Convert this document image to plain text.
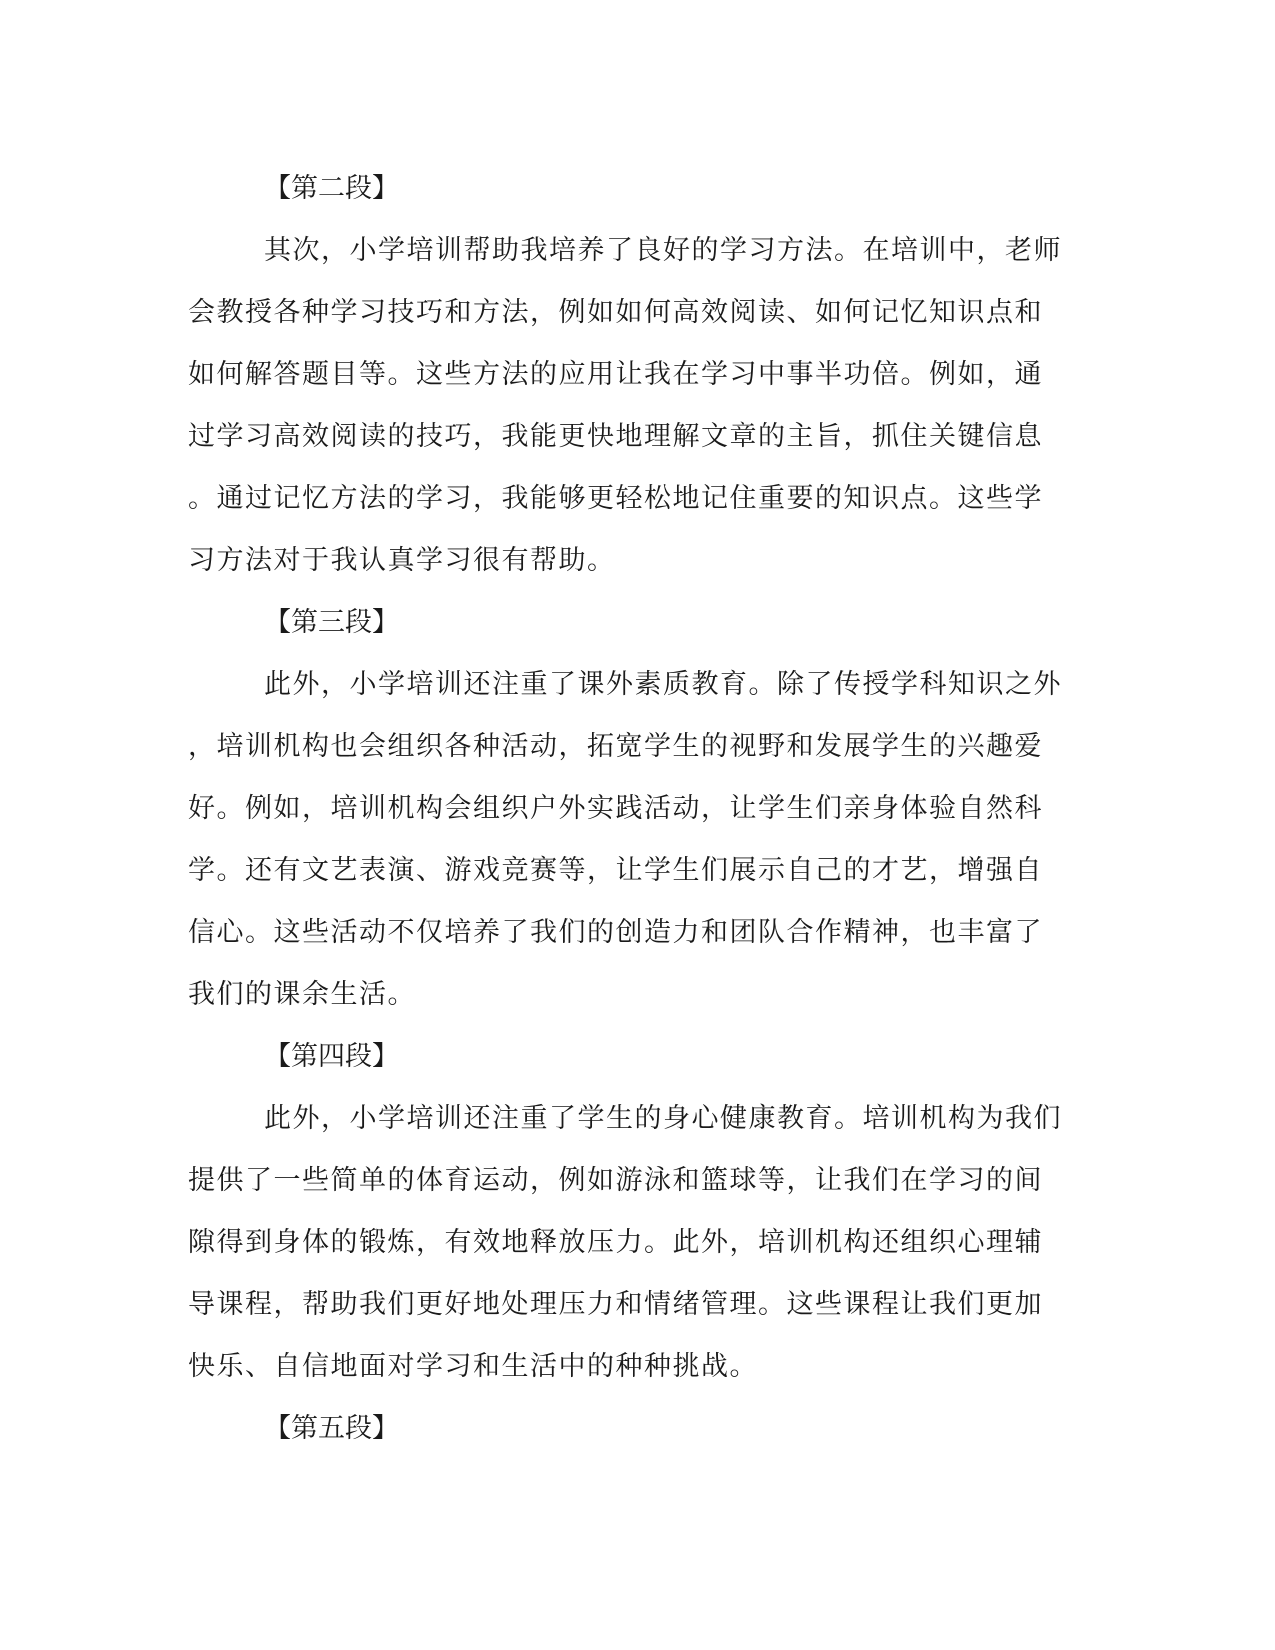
【第二段】
其次，小学培训帮助我培养了良好的学习方法。在培训中，老师
会教授各种学习技巧和方法，例如如何高效阅读、如何记忆知识点和
如何解答题目等。这些方法的应用让我在学习中事半功倍。例如，通
过学习高效阅读的技巧，我能更快地理解文章的主旨，抓住关键信息
。通过记忆方法的学习，我能够更轻松地记住重要的知识点。这些学
习方法对于我认真学习很有帮助。
【第三段】
此外，小学培训还注重了课外素质教育。除了传授学科知识之外
，培训机构也会组织各种活动，拓宽学生的视野和发展学生的兴趣爱
好。例如，培训机构会组织户外实践活动，让学生们亲身体验自然科
学。还有文艺表演、游戏竞赛等，让学生们展示自己的才艺，增强自
信心。这些活动不仅培养了我们的创造力和团队合作精神，也丰富了
我们的课余生活。
【第四段】
此外，小学培训还注重了学生的身心健康教育。培训机构为我们
提供了一些简单的体育运动，例如游泳和篮球等，让我们在学习的间
隙得到身体的锻炼，有效地释放压力。此外，培训机构还组织心理辅
导课程，帮助我们更好地处理压力和情绪管理。这些课程让我们更加
快乐、自信地面对学习和生活中的种种挑战。
【第五段】
